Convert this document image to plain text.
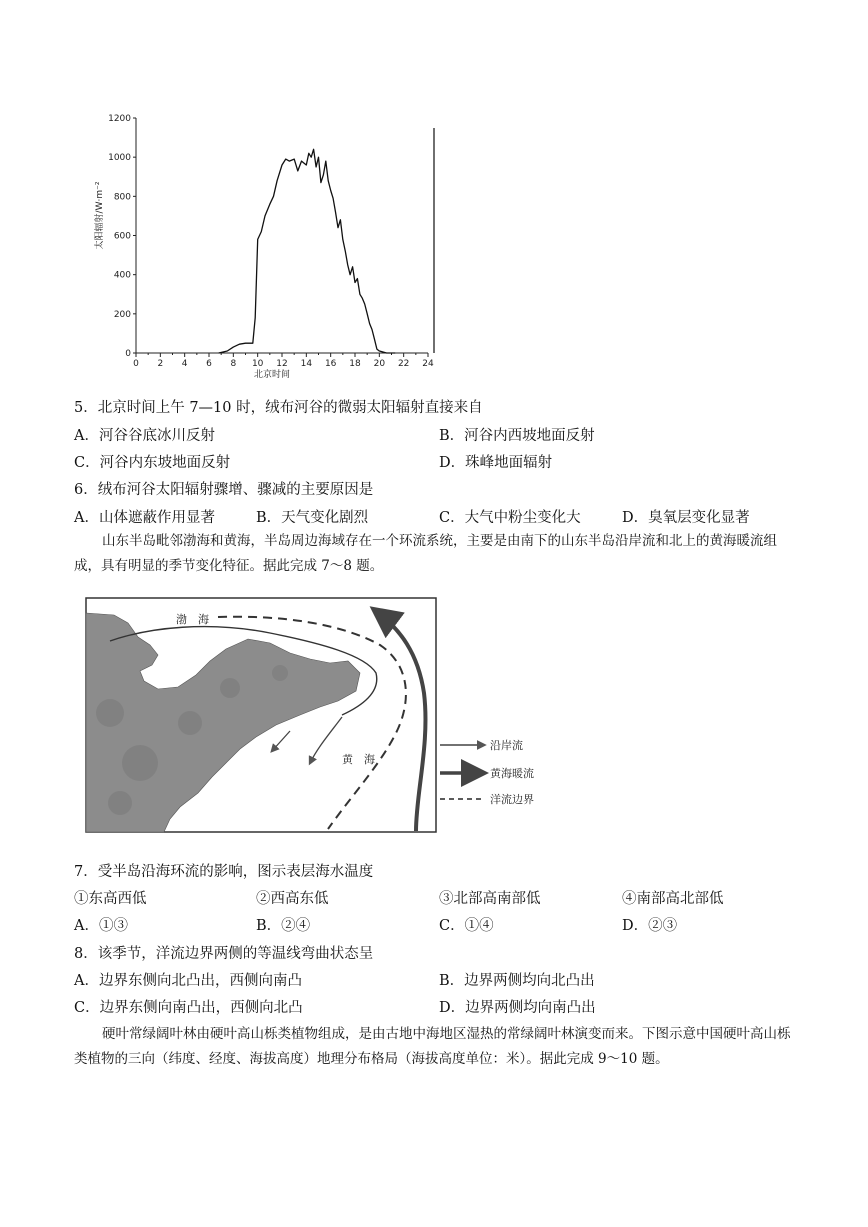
0
200
400
600
800
1000
1200
0 2 4 6 8 10 12 14 16 18 20 22 24
北京时间
太阳辐射/W·m⁻²
5．北京时间上午 7—10 时，绒布河谷的微弱太阳辐射直接来自
A．河谷谷底冰川反射	B．河谷内西坡地面反射
C．河谷内东坡地面反射	D．珠峰地面辐射
6．绒布河谷太阳辐射骤增、骤减的主要原因是
A．山体遮蔽作用显著	B．天气变化剧烈	C．大气中粉尘变化大	D．臭氧层变化显著
山东半岛毗邻渤海和黄海，半岛周边海域存在一个环流系统，主要是由南下的山东半岛沿岸流和北上的黄海暖流组成，具有明显的季节变化特征。据此完成 7～8 题。
渤　海
黄　海
沿岸流
黄海暖流
洋流边界
7．受半岛沿海环流的影响，图示表层海水温度
①东高西低	②西高东低	③北部高南部低	④南部高北部低
A．①③	B．②④	C．①④	D．②③
8．该季节，洋流边界两侧的等温线弯曲状态呈
A．边界东侧向北凸出，西侧向南凸	B．边界两侧均向北凸出
C．边界东侧向南凸出，西侧向北凸	D．边界两侧均向南凸出
硬叶常绿阔叶林由硬叶高山栎类植物组成，是由古地中海地区湿热的常绿阔叶林演变而来。下图示意中国硬叶高山栎类植物的三向（纬度、经度、海拔高度）地理分布格局（海拔高度单位：米）。据此完成 9～10 题。
